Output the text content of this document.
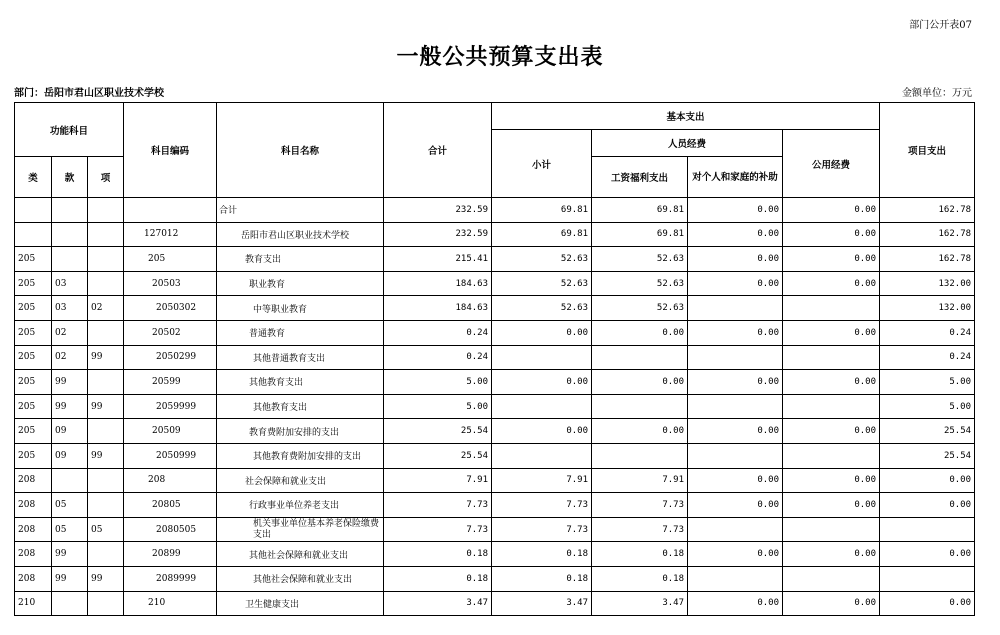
部门公开表07
一般公共预算支出表
部门：岳阳市君山区职业技术学校	金额单位：万元
功能科目			科目编码	科目名称	合计	基本支出				项目支出
						小计	人员经费		公用经费	
类	款	项					工资福利支出	对个人和家庭的补助		

				合计	232.59	69.81	69.81	0.00	0.00	162.78
			127012	岳阳市君山区职业技术学校	232.59	69.81	69.81	0.00	0.00	162.78
205			205	教育支出	215.41	52.63	52.63	0.00	0.00	162.78
205	03		20503	职业教育	184.63	52.63	52.63	0.00	0.00	132.00
205	03	02	2050302	中等职业教育	184.63	52.63	52.63			132.00
205	02		20502	普通教育	0.24	0.00	0.00	0.00	0.00	0.24
205	02	99	2050299	其他普通教育支出	0.24					0.24
205	99		20599	其他教育支出	5.00	0.00	0.00	0.00	0.00	5.00
205	99	99	2059999	其他教育支出	5.00					5.00
205	09		20509	教育费附加安排的支出	25.54	0.00	0.00	0.00	0.00	25.54
205	09	99	2050999	其他教育费附加安排的支出	25.54					25.54
208			208	社会保障和就业支出	7.91	7.91	7.91	0.00	0.00	0.00
208	05		20805	行政事业单位养老支出	7.73	7.73	7.73	0.00	0.00	0.00
208	05	05	2080505	机关事业单位基本养老保险缴费支出	7.73	7.73	7.73			
208	99		20899	其他社会保障和就业支出	0.18	0.18	0.18	0.00	0.00	0.00
208	99	99	2089999	其他社会保障和就业支出	0.18	0.18	0.18			
210			210	卫生健康支出	3.47	3.47	3.47	0.00	0.00	0.00
